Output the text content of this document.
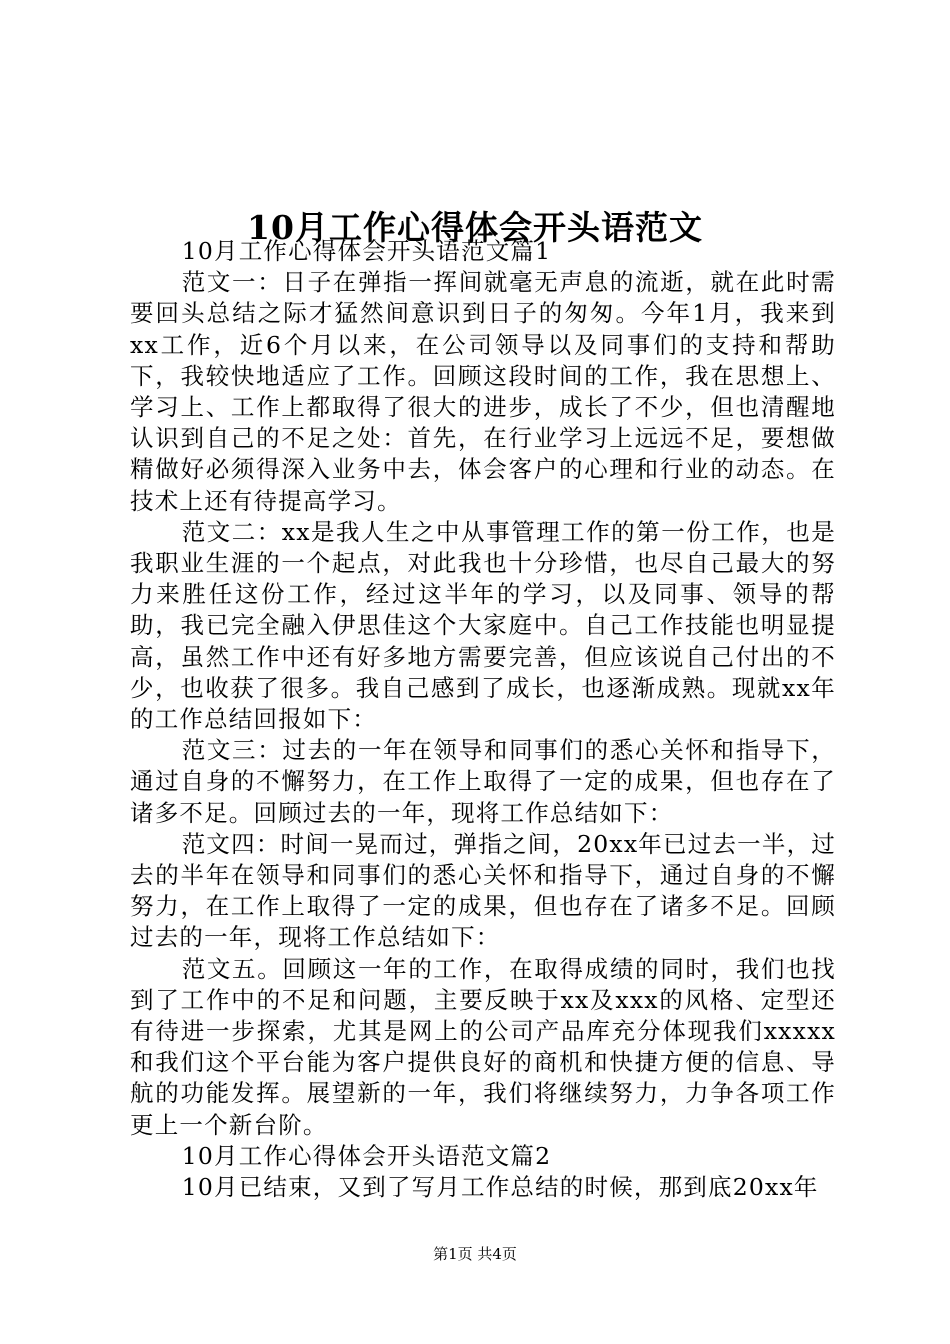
10月工作心得体会开头语范文

10月工作心得体会开头语范文篇1

范文一：日子在弹指一挥间就毫无声息的流逝，就在此时需要回头总结之际才猛然间意识到日子的匆匆。今年1月，我来到xx工作，近6个月以来，在公司领导以及同事们的支持和帮助下，我较快地适应了工作。回顾这段时间的工作，我在思想上、学习上、工作上都取得了很大的进步，成长了不少，但也清醒地认识到自己的不足之处：首先，在行业学习上远远不足，要想做精做好必须得深入业务中去，体会客户的心理和行业的动态。在技术上还有待提高学习。

范文二：xx是我人生之中从事管理工作的第一份工作，也是我职业生涯的一个起点，对此我也十分珍惜，也尽自己最大的努力来胜任这份工作，经过这半年的学习，以及同事、领导的帮助，我已完全融入伊思佳这个大家庭中。自己工作技能也明显提高，虽然工作中还有好多地方需要完善，但应该说自己付出的不少，也收获了很多。我自己感到了成长，也逐渐成熟。现就xx年的工作总结回报如下：

范文三：过去的一年在领导和同事们的悉心关怀和指导下，通过自身的不懈努力，在工作上取得了一定的成果，但也存在了诸多不足。回顾过去的一年，现将工作总结如下：

范文四：时间一晃而过，弹指之间，20xx年已过去一半，过去的半年在领导和同事们的悉心关怀和指导下，通过自身的不懈努力，在工作上取得了一定的成果，但也存在了诸多不足。回顾过去的一年，现将工作总结如下：

范文五。回顾这一年的工作，在取得成绩的同时，我们也找到了工作中的不足和问题，主要反映于xx及xxx的风格、定型还有待进一步探索，尤其是网上的公司产品库充分体现我们xxxxx和我们这个平台能为客户提供良好的商机和快捷方便的信息、导航的功能发挥。展望新的一年，我们将继续努力，力争各项工作更上一个新台阶。

10月工作心得体会开头语范文篇2

10月已结束，又到了写月工作总结的时候，那到底20xx年

第1页 共4页
